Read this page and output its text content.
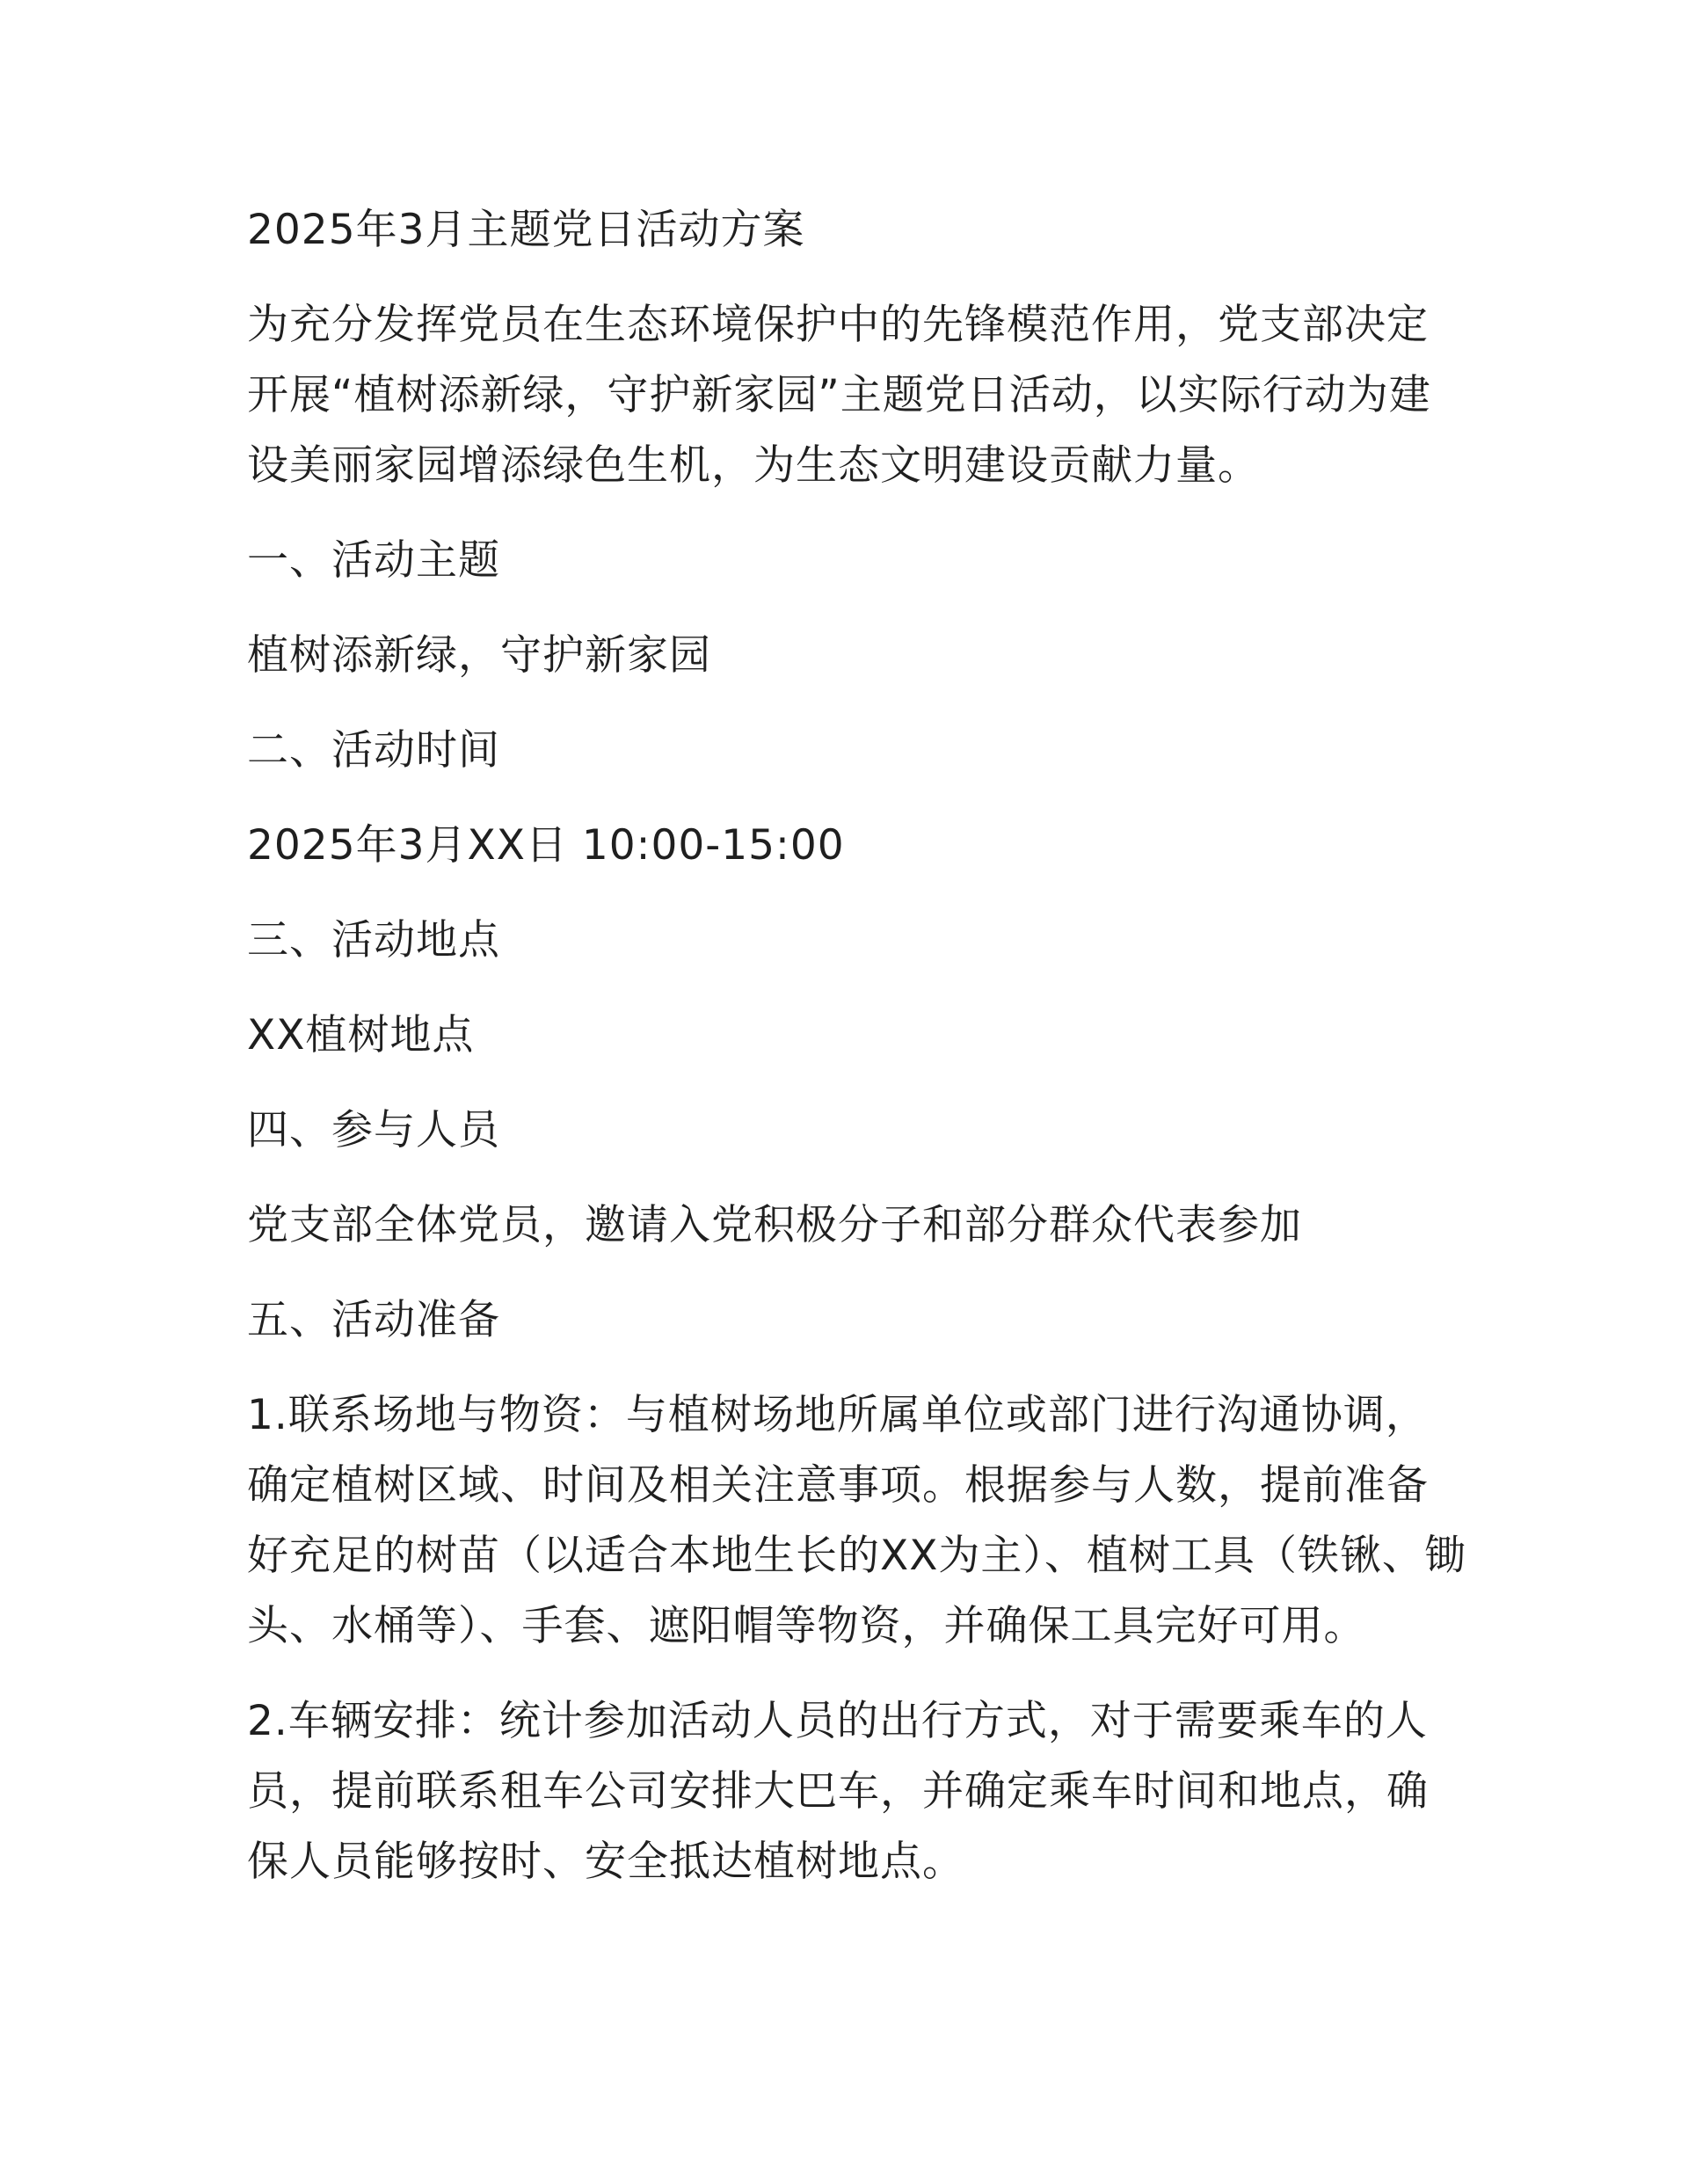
2025年3月主题党日活动方案

为充分发挥党员在生态环境保护中的先锋模范作用，党支部决定开展“植树添新绿，守护新家园”主题党日活动，以实际行动为建设美丽家园增添绿色生机，为生态文明建设贡献力量。

一、活动主题

植树添新绿，守护新家园

二、活动时间

2025年3月XX日 10:00-15:00

三、活动地点

XX植树地点

四、参与人员

党支部全体党员，邀请入党积极分子和部分群众代表参加

五、活动准备

1.联系场地与物资：与植树场地所属单位或部门进行沟通协调，确定植树区域、时间及相关注意事项。根据参与人数，提前准备好充足的树苗（以适合本地生长的XX为主）、植树工具（铁锹、锄头、水桶等）、手套、遮阳帽等物资，并确保工具完好可用。

2.车辆安排：统计参加活动人员的出行方式，对于需要乘车的人员，提前联系租车公司安排大巴车，并确定乘车时间和地点，确保人员能够按时、安全抵达植树地点。
